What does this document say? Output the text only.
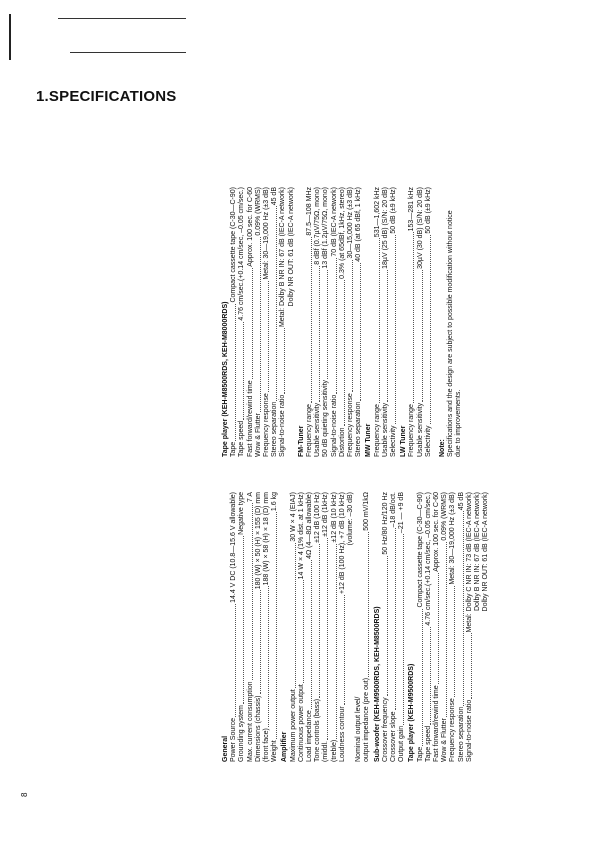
1.SPECIFICATIONS
General Power Source
14.4 V DC (10.8—15.6 V allowable)
Grounding system
Negative type
Max. current consumption
7 A
Dimensions (chassis)
180 (W) × 50 (H) × 155 (D) mm
(front face)
188 (W) × 58 (H) × 18 (D) mm
Weight
1.6 kg
Amplifier Maximum power output
30 W × 4 (EIAJ)
Continuous power output
14 W × 4 (1% dist. at 1 kHz)
Load impedance
4Ω (4—8Ω allowable)
Tone controls (bass)
±12 dB (100 Hz)
(middl.
±12 dB (1kHz)
(treble)
±12 dB (10 kHz)
Loudness contour
+12 dB (100 Hz), +7 dB (10 kHz) (volume: –30 dB)
Nominal output level/ output impedance (pre out)
500 mV/1kΩ
Sub-woofer (KEH-M9500RDS, KEH-M8500RDS) Crossover frequency
50 Hz/80 Hz/120 Hz
Crossover slope
–18 dB/oct.
Output gain
–21 — +9 dB
Tape player (KEH-M9500RDS) Tape
Compact cassette tape (C-30—C-90)
Tape speed
4.76 cm/sec.(+0.14 cm/sec, –0.05 cm/sec.)
Fast forward/rewind time
Approx. 100 sec. for C-60
Wow & Flutter
0.09% (WRMS)
Frequency response
Metal: 30—19,000 Hz (±3 dB)
Stereo separation
45 dB
Signal-to-noise ratio
Metal: Dolby C NR IN: 73 dB (IEC-A network) Dolby B NR IN: 67 dB (IEC-A network) Dolby NR OUT: 61 dB (IEC-A network)
Tape player (KEH-M8500RDS, KEH-M8000RDS) Tape
Compact cassette tape (C-30—C-90)
Tape speed
4.76 cm/sec.(+0.14 cm/sec, –0.05 cm/sec.)
Fast forward/rewind time
Approx. 100 sec. for C-60
Wow & Flutter
0.09% (WRMS)
Frequency response
Metal: 30—19,000 Hz (±3 dB)
Stereo separation
45 dB
Signal-to-noise ratio
Metal: Dolby B NR IN: 67 dB (IEC-A network) Dolby NR OUT: 61 dB (IEC-A network)
FM-Tuner Frequency range
87.5—108 MHz
Usable sensitivity
8 dBf (0.7µV/75Ω, mono)
50 dB quieting sensitivity
13 dBf (1.2µV/75Ω, mono)
Signal-to-noise ratio
70 dB (IEC-A network)
Distortion
0.3% (at 65dBf, 1kHz, stereo)
Frequency response
30—15,000 Hz (±3 dB)
Stereo separation
40 dB (at 65 dBf, 1 kHz)
MW Tuner Frequency range
531—1,602 kHz
Usable sensitivity
18µV (25 dB) (S/N: 20 dB)
Selectivity
50 dB (±9 kHz)
LW Tuner Frequency range
153—281 kHz
Usable sensitivity
30µV (30 dB) (S/N: 20 dB)
Selectivity
50 dB (±9 kHz)
Note: Specifications and the design are subject to possible modification without notice due to improvements.
8
